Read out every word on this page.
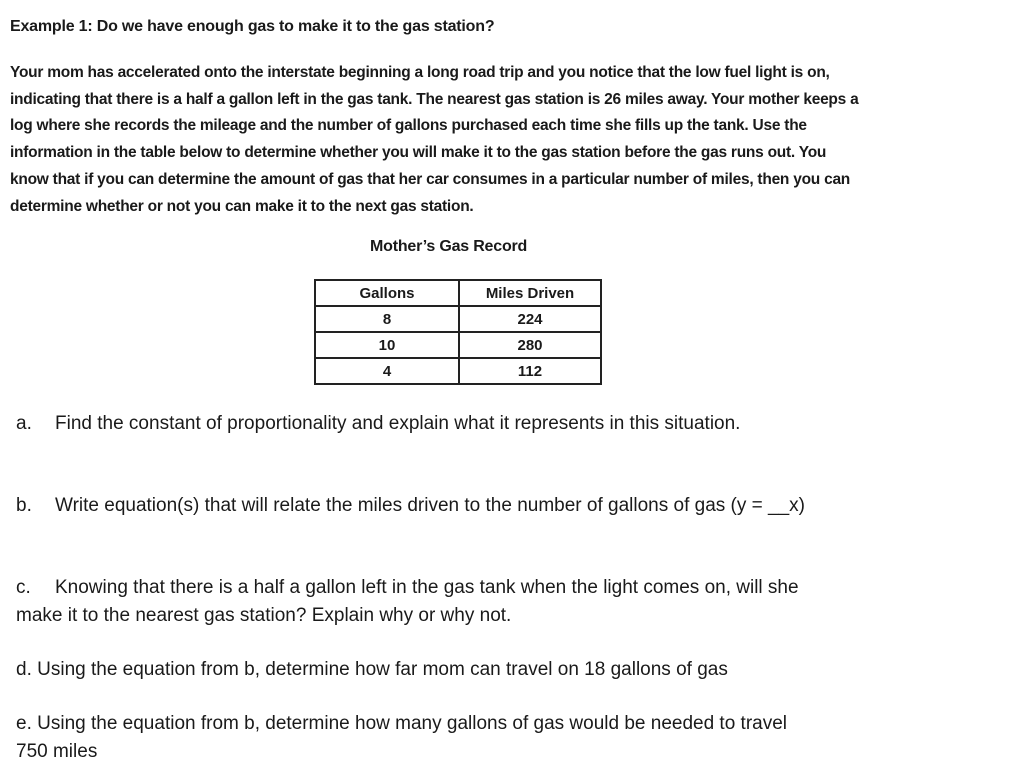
Example 1: Do we have enough gas to make it to the gas station?
Your mom has accelerated onto the interstate beginning a long road trip and you notice that the low fuel light is on,
indicating that there is a half a gallon left in the gas tank. The nearest gas station is 26 miles away. Your mother keeps a
log where she records the mileage and the number of gallons purchased each time she fills up the tank. Use the
information in the table below to determine whether you will make it to the gas station before the gas runs out. You
know that if you can determine the amount of gas that her car consumes in a particular number of miles, then you can
determine whether or not you can make it to the next gas station.
Mother’s Gas Record
Gallons	Miles Driven
8	224
10	280
4	112
a. Find the constant of proportionality and explain what it represents in this situation.
b. Write equation(s) that will relate the miles driven to the number of gallons of gas (y = __x)
c. Knowing that there is a half a gallon left in the gas tank when the light comes on, will she
make it to the nearest gas station? Explain why or why not.
d. Using the equation from b, determine how far mom can travel on 18 gallons of gas
e. Using the equation from b, determine how many gallons of gas would be needed to travel
750 miles
